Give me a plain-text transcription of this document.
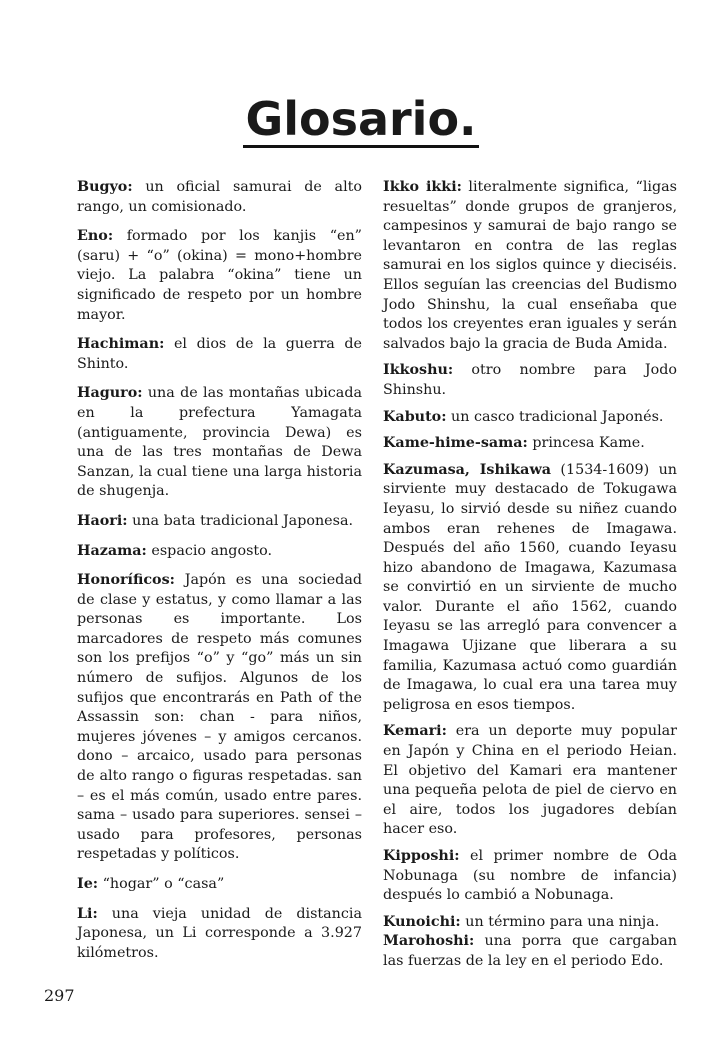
Glosario.

Bugyo: un oficial samurai de alto rango, un comisionado.

Eno: formado por los kanjis “en” (saru) + “o” (okina) = mono+hombre viejo. La palabra “okina” tiene un significado de respeto por un hombre mayor.

Hachiman: el dios de la guerra de Shinto.

Haguro: una de las montañas ubicada en la prefectura Yamagata (antiguamente, provincia Dewa) es una de las tres montañas de Dewa Sanzan, la cual tiene una larga historia de shugenja.

Haori: una bata tradicional Japonesa.

Hazama: espacio angosto.

Honoríficos: Japón es una sociedad de clase y estatus, y como llamar a las personas es importante. Los marcadores de respeto más comunes son los prefijos “o” y “go” más un sin número de sufijos. Algunos de los sufijos que encontrarás en Path of the Assassin son: chan - para niños, mujeres jóvenes – y amigos cercanos. dono – arcaico, usado para personas de alto rango o figuras respetadas. san – es el más común, usado entre pares. sama – usado para superiores. sensei – usado para profesores, personas respetadas y políticos.

Ie: “hogar” o “casa”

Li: una vieja unidad de distancia Japonesa, un Li corresponde a 3.927 kilómetros.

Ikko ikki: literalmente significa, “ligas resueltas” donde grupos de granjeros, campesinos y samurai de bajo rango se levantaron en contra de las reglas samurai en los siglos quince y dieciséis. Ellos seguían las creencias del Budismo Jodo Shinshu, la cual enseñaba que todos los creyentes eran iguales y serán salvados bajo la gracia de Buda Amida.

Ikkoshu: otro nombre para Jodo Shinshu.

Kabuto: un casco tradicional Japonés.

Kame-hime-sama: princesa Kame.

Kazumasa, Ishikawa (1534-1609) un sirviente muy destacado de Tokugawa Ieyasu, lo sirvió desde su niñez cuando ambos eran rehenes de Imagawa. Después del año 1560, cuando Ieyasu hizo abandono de Imagawa, Kazumasa se convirtió en un sirviente de mucho valor. Durante el año 1562, cuando Ieyasu se las arregló para convencer a Imagawa Ujizane que liberara a su familia, Kazumasa actuó como guardián de Imagawa, lo cual era una tarea muy peligrosa en esos tiempos.

Kemari: era un deporte muy popular en Japón y China en el periodo Heian. El objetivo del Kamari era mantener una pequeña pelota de piel de ciervo en el aire, todos los jugadores debían hacer eso.

Kipposhi: el primer nombre de Oda Nobunaga (su nombre de infancia) después lo cambió a Nobunaga.

Kunoichi: un término para una ninja.

Marohoshi: una porra que cargaban las fuerzas de la ley en el periodo Edo.

297
